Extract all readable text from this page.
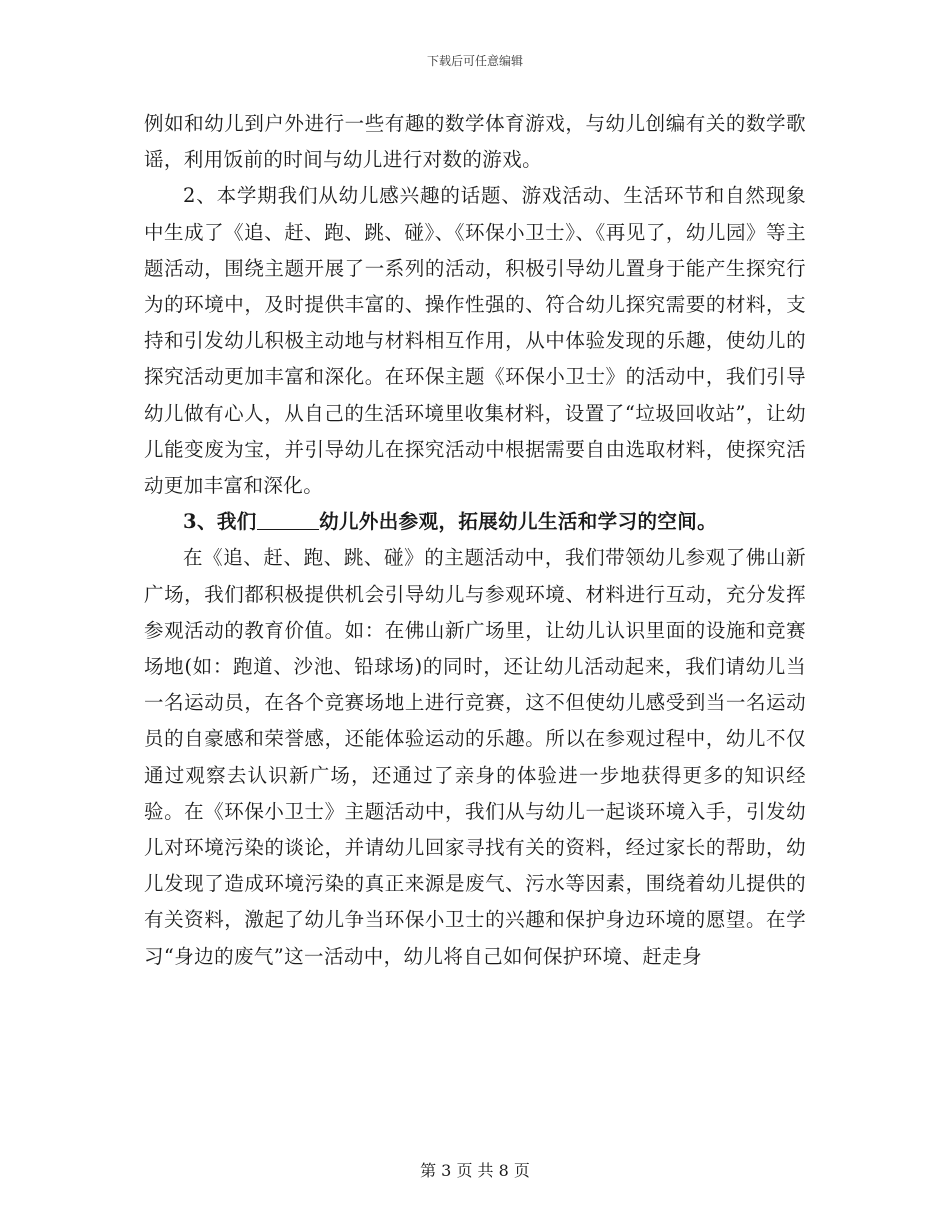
下载后可任意编辑

例如和幼儿到户外进行一些有趣的数学体育游戏，与幼儿创编有关的数学歌谣，利用饭前的时间与幼儿进行对数的游戏。

2、本学期我们从幼儿感兴趣的话题、游戏活动、生活环节和自然现象中生成了《追、赶、跑、跳、碰》、《环保小卫士》、《再见了，幼儿园》等主题活动，围绕主题开展了一系列的活动，积极引导幼儿置身于能产生探究行为的环境中，及时提供丰富的、操作性强的、符合幼儿探究需要的材料，支持和引发幼儿积极主动地与材料相互作用，从中体验发现的乐趣，使幼儿的探究活动更加丰富和深化。在环保主题《环保小卫士》的活动中，我们引导幼儿做有心人，从自己的生活环境里收集材料，设置了“垃圾回收站”，让幼儿能变废为宝，并引导幼儿在探究活动中根据需要自由选取材料，使探究活动更加丰富和深化。

3、我们	幼儿外出参观，拓展幼儿生活和学习的空间。

在《追、赶、跑、跳、碰》的主题活动中，我们带领幼儿参观了佛山新广场，我们都积极提供机会引导幼儿与参观环境、材料进行互动，充分发挥参观活动的教育价值。如：在佛山新广场里，让幼儿认识里面的设施和竞赛场地(如：跑道、沙池、铅球场)的同时，还让幼儿活动起来，我们请幼儿当一名运动员，在各个竞赛场地上进行竞赛，这不但使幼儿感受到当一名运动员的自豪感和荣誉感，还能体验运动的乐趣。所以在参观过程中，幼儿不仅通过观察去认识新广场，还通过了亲身的体验进一步地获得更多的知识经验。在《环保小卫士》主题活动中，我们从与幼儿一起谈环境入手，引发幼儿对环境污染的谈论，并请幼儿回家寻找有关的资料，经过家长的帮助，幼儿发现了造成环境污染的真正来源是废气、污水等因素，围绕着幼儿提供的有关资料，激起了幼儿争当环保小卫士的兴趣和保护身边环境的愿望。在学习“身边的废气”这一活动中，幼儿将自己如何保护环境、赶走身

第 3 页 共 8 页
